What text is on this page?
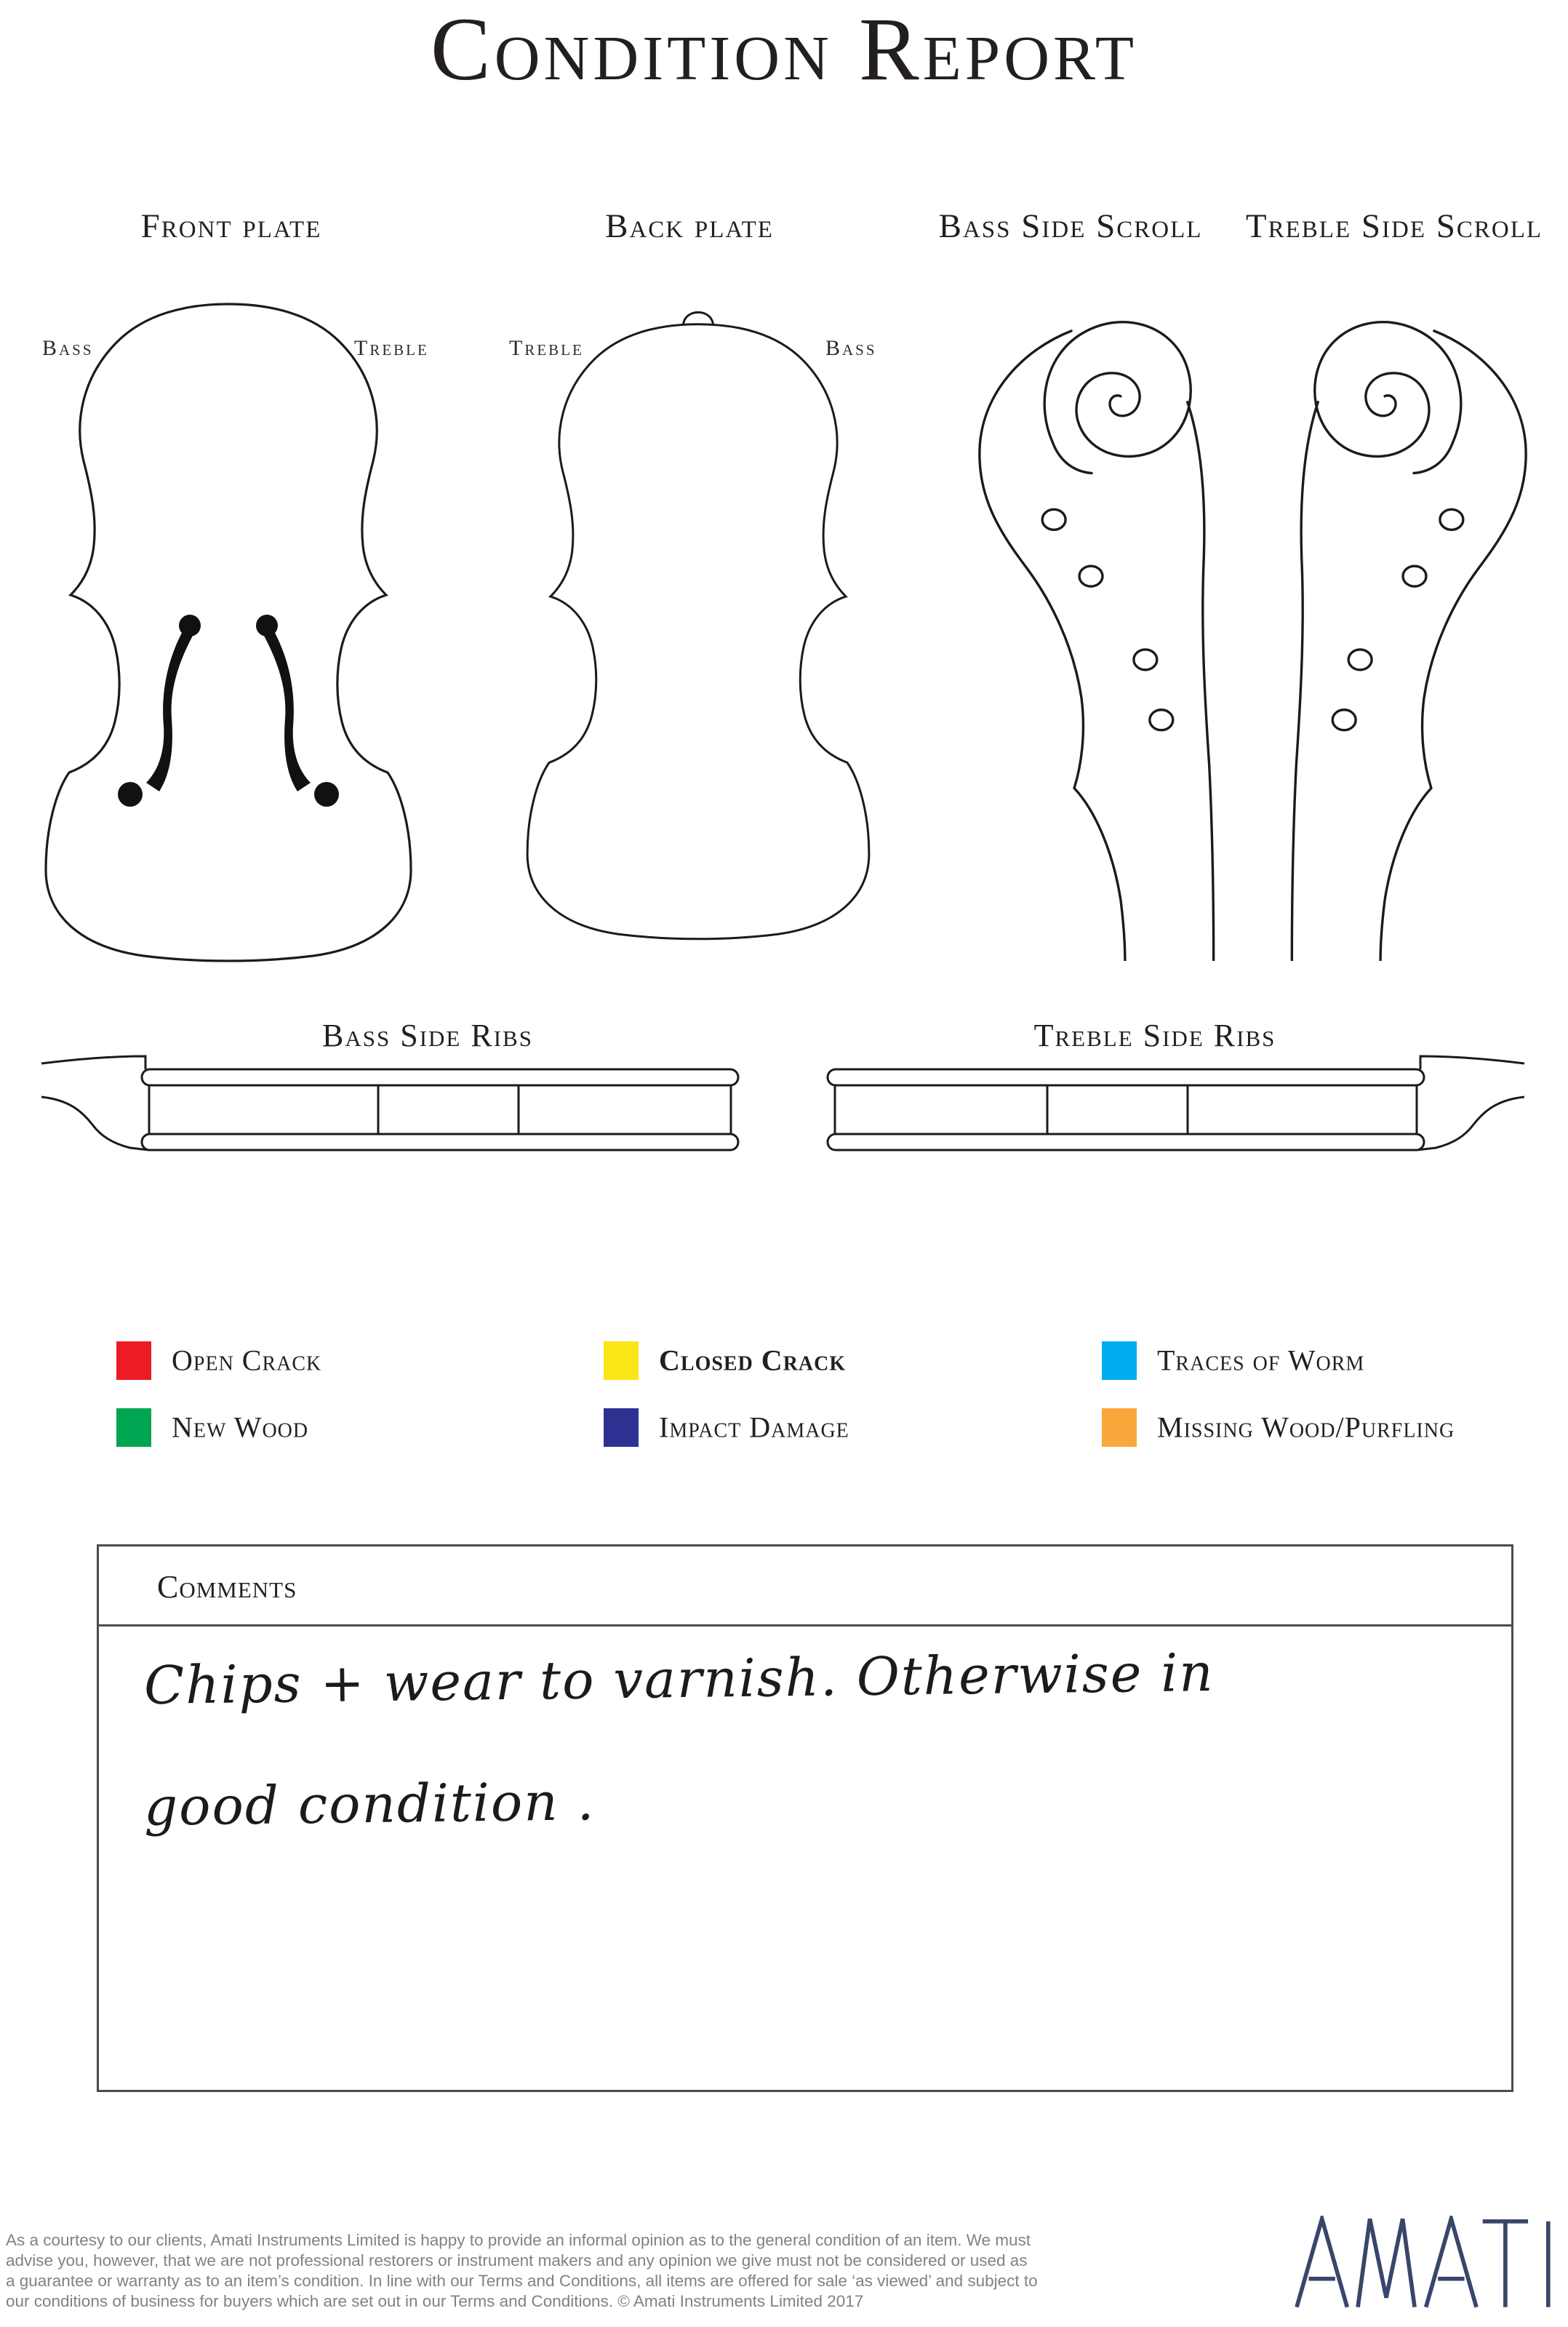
Condition Report
Front plate	Back plate	Bass Side Scroll	Treble Side Scroll
Bass	Treble	Treble	Bass
Bass Side Ribs	Treble Side Ribs
Open Crack	Closed Crack	Traces of Worm
New Wood	Impact Damage	Missing Wood/Purfling
Comments
Chips + wear to varnish. Otherwise in
good condition .
As a courtesy to our clients, Amati Instruments Limited is happy to provide an informal opinion as to the general condition of an item. We must
advise you, however, that we are not professional restorers or instrument makers and any opinion we give must not be considered or used as
a guarantee or warranty as to an item’s condition. In line with our Terms and Conditions, all items are offered for sale ‘as viewed’ and subject to
our conditions of business for buyers which are set out in our Terms and Conditions. © Amati Instruments Limited 2017
